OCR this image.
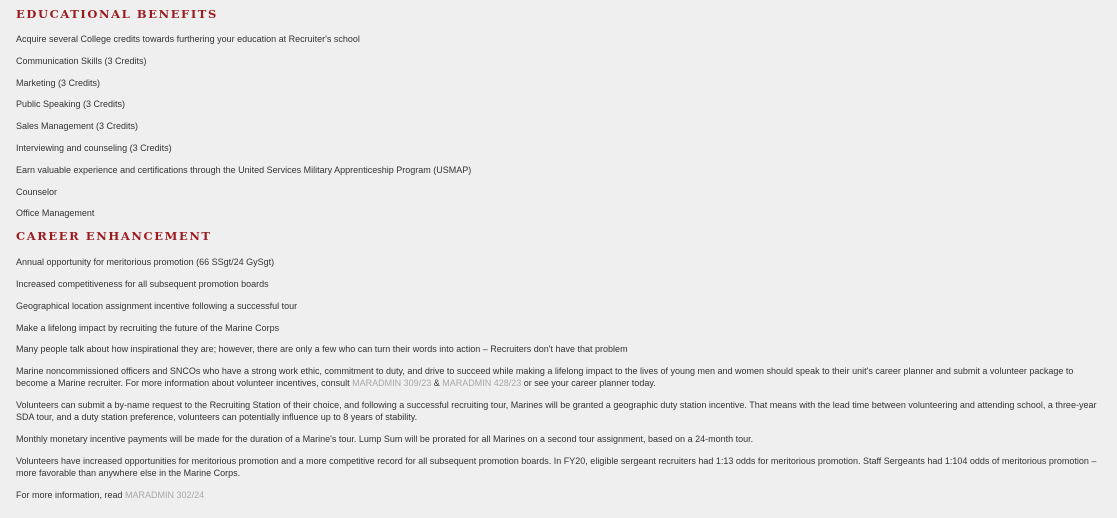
EDUCATIONAL BENEFITS

Acquire several College credits towards furthering your education at Recruiter's school

Communication Skills (3 Credits)

Marketing (3 Credits)

Public Speaking (3 Credits)

Sales Management (3 Credits)

Interviewing and counseling (3 Credits)

Earn valuable experience and certifications through the United Services Military Apprenticeship Program (USMAP)

Counselor

Office Management

CAREER ENHANCEMENT

Annual opportunity for meritorious promotion (66 SSgt/24 GySgt)

Increased competitiveness for all subsequent promotion boards

Geographical location assignment incentive following a successful tour

Make a lifelong impact by recruiting the future of the Marine Corps

Many people talk about how inspirational they are; however, there are only a few who can turn their words into action – Recruiters don't have that problem

Marine noncommissioned officers and SNCOs who have a strong work ethic, commitment to duty, and drive to succeed while making a lifelong impact to the lives of young men and women should speak to their unit's career planner and submit a volunteer package to become a Marine recruiter. For more information about volunteer incentives, consult MARADMIN 309/23 & MARADMIN 428/23 or see your career planner today.

Volunteers can submit a by-name request to the Recruiting Station of their choice, and following a successful recruiting tour, Marines will be granted a geographic duty station incentive. That means with the lead time between volunteering and attending school, a three-year SDA tour, and a duty station preference, volunteers can potentially influence up to 8 years of stability.

Monthly monetary incentive payments will be made for the duration of a Marine's tour. Lump Sum will be prorated for all Marines on a second tour assignment, based on a 24-month tour.

Volunteers have increased opportunities for meritorious promotion and a more competitive record for all subsequent promotion boards. In FY20, eligible sergeant recruiters had 1:13 odds for meritorious promotion. Staff Sergeants had 1:104 odds of meritorious promotion – more favorable than anywhere else in the Marine Corps.

For more information, read MARADMIN 302/24
